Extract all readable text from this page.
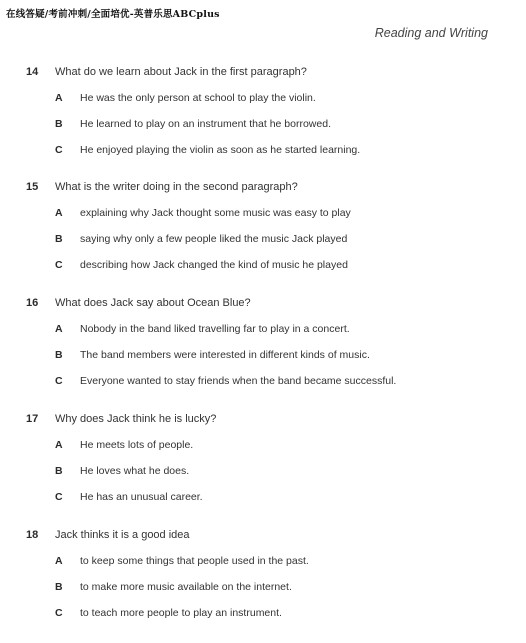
在线答疑/考前冲刺/全面培优-英普乐思ABCplus
Reading and Writing
14	What do we learn about Jack in the first paragraph?
A	He was the only person at school to play the violin.
B	He learned to play on an instrument that he borrowed.
C	He enjoyed playing the violin as soon as he started learning.
15	What is the writer doing in the second paragraph?
A	explaining why Jack thought some music was easy to play
B	saying why only a few people liked the music Jack played
C	describing how Jack changed the kind of music he played
16	What does Jack say about Ocean Blue?
A	Nobody in the band liked travelling far to play in a concert.
B	The band members were interested in different kinds of music.
C	Everyone wanted to stay friends when the band became successful.
17	Why does Jack think he is lucky?
A	He meets lots of people.
B	He loves what he does.
C	He has an unusual career.
18	Jack thinks it is a good idea
A	to keep some things that people used in the past.
B	to make more music available on the internet.
C	to teach more people to play an instrument.
